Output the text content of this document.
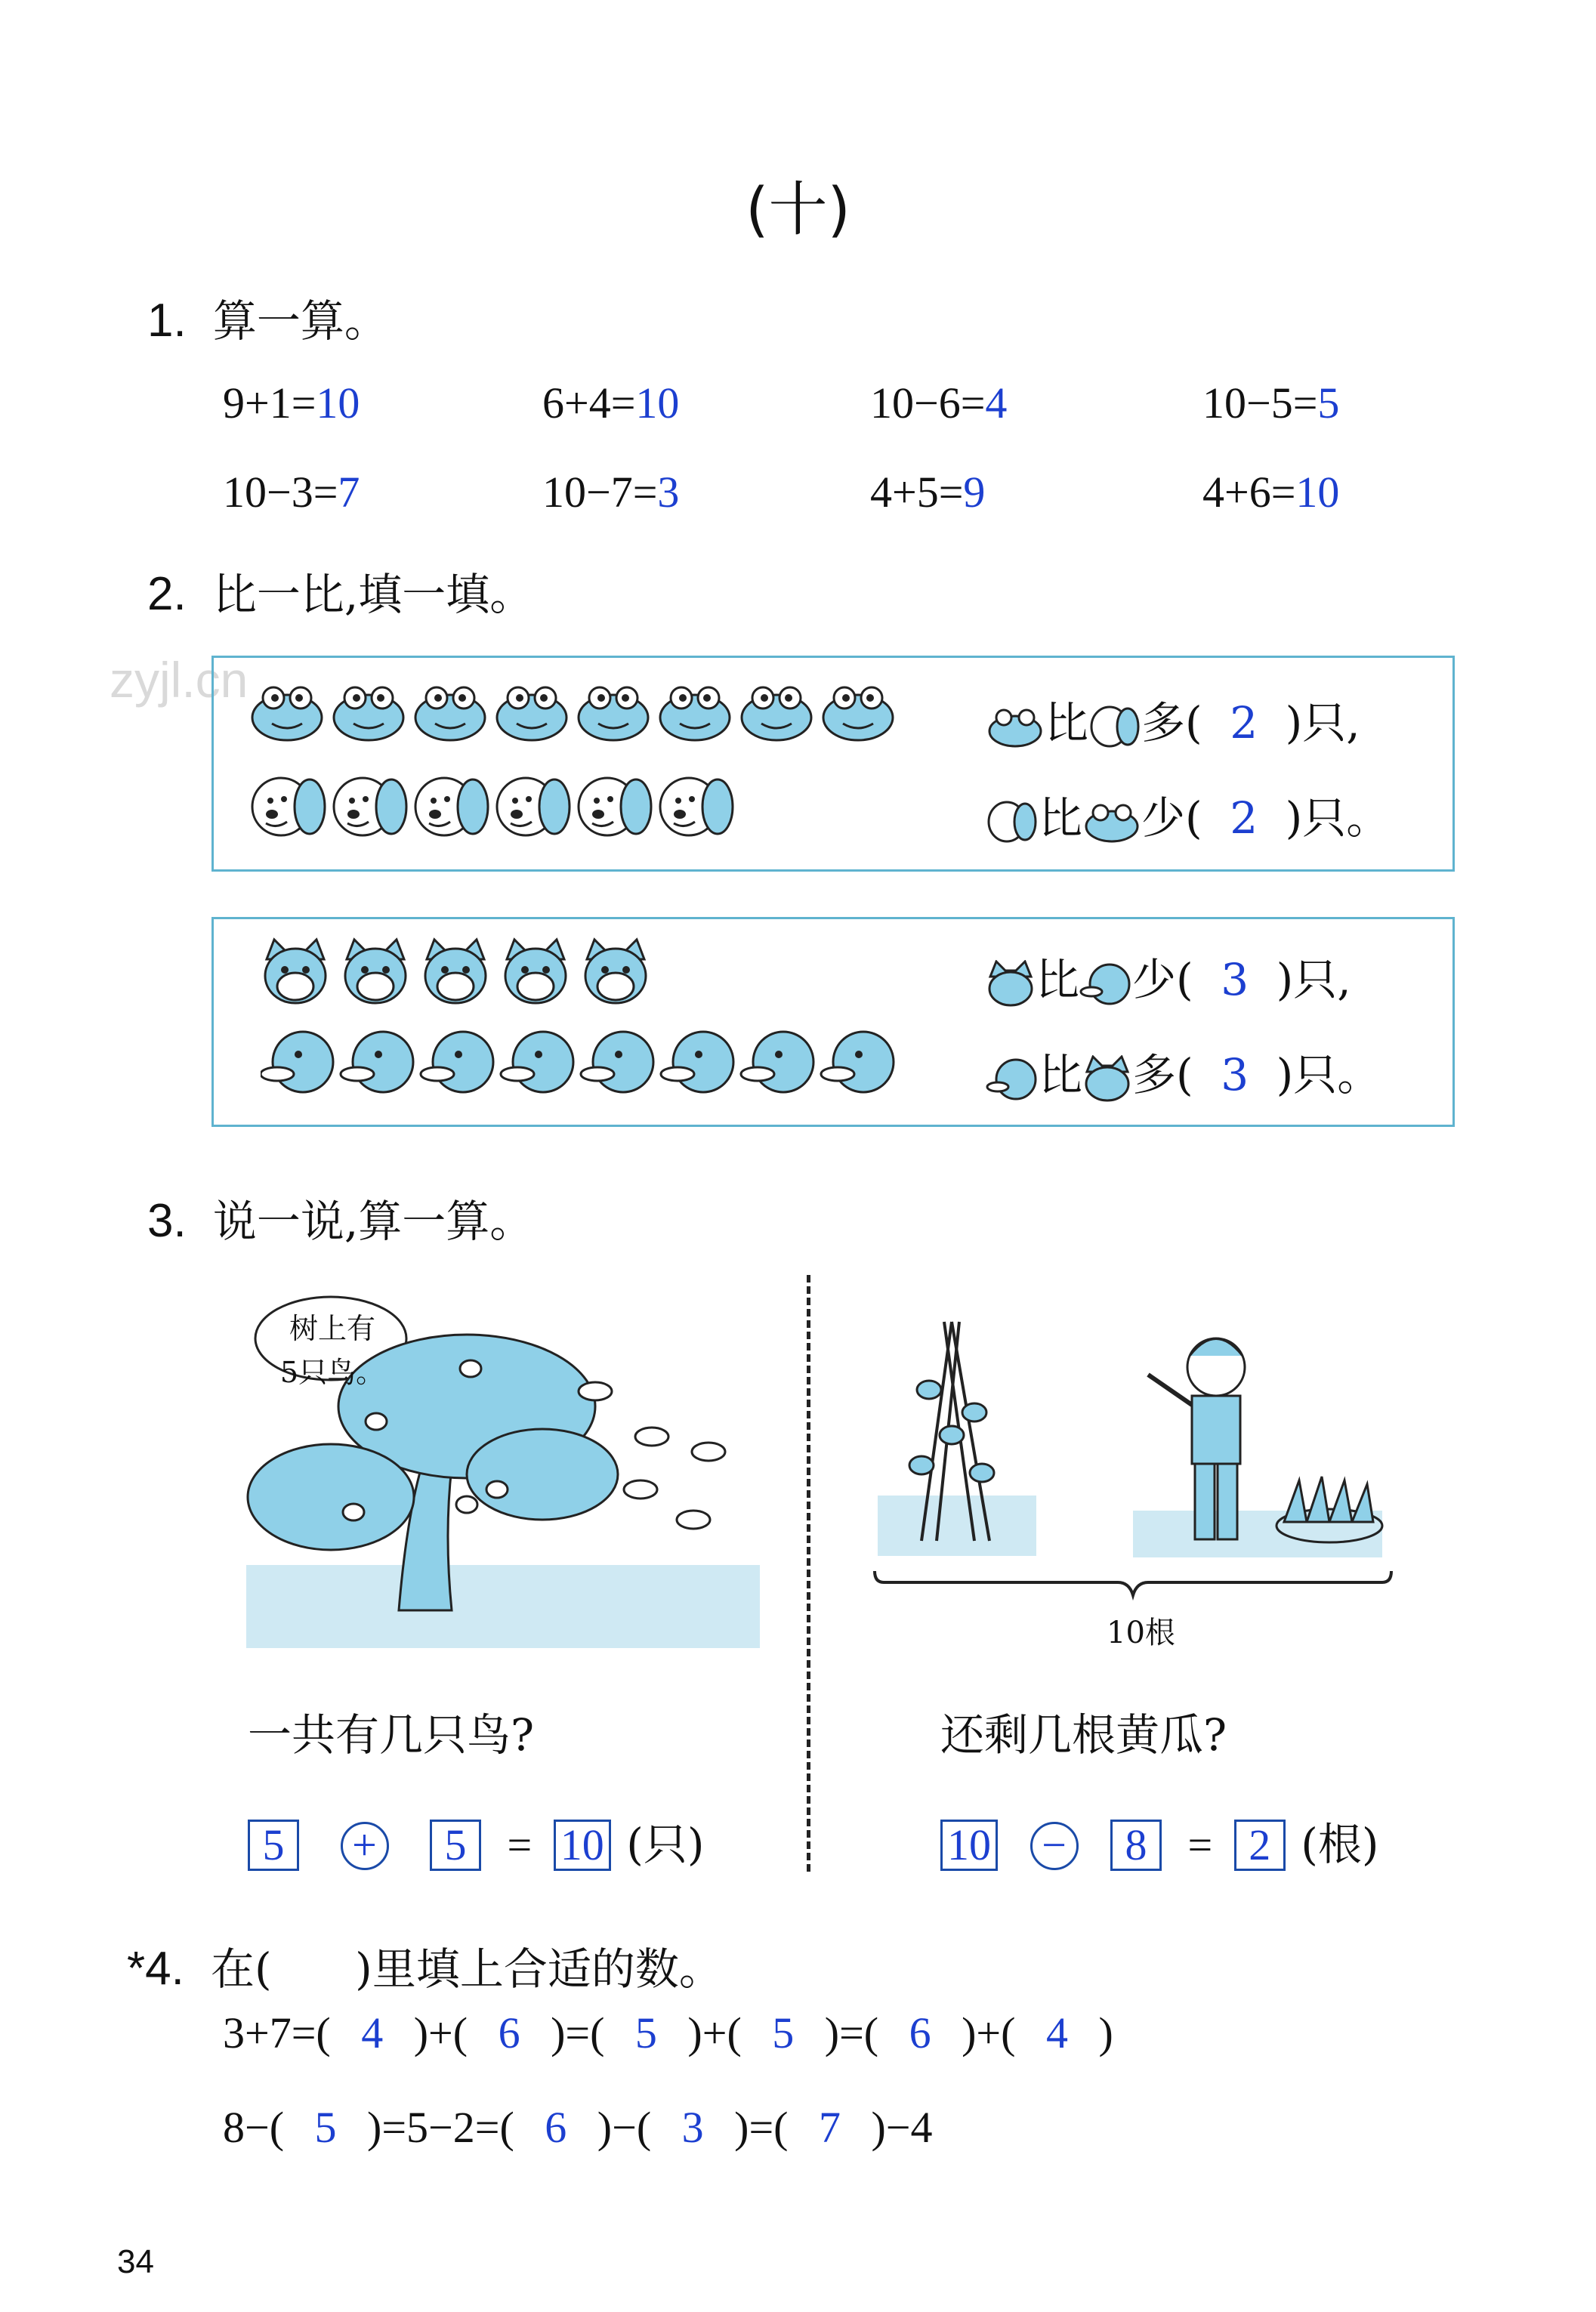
(十)
1. 算一算。
9+1=10	6+4=10	10−6=4	10−5=5
10−3=7	10−7=3	4+5=9	4+6=10
2. 比一比,填一填。
zyjl.cn
比 多( 2 )只,
比 少( 2 )只。
比 少( 3 )只,
比 多( 3 )只。
3. 说一说,算一算。
树上有
5只鸟。
10根
一共有几只鸟?	还剩几根黄瓜?
5 + 5 = 10 (只)	10 − 8 = 2 (根)
*4. 在(      )里填上合适的数。
3+7=( 4 )+( 6 )=( 5 )+( 5 )=( 6 )+( 4 )
8−( 5 )=5−2=( 6 )−( 3 )=( 7 )−4
34
